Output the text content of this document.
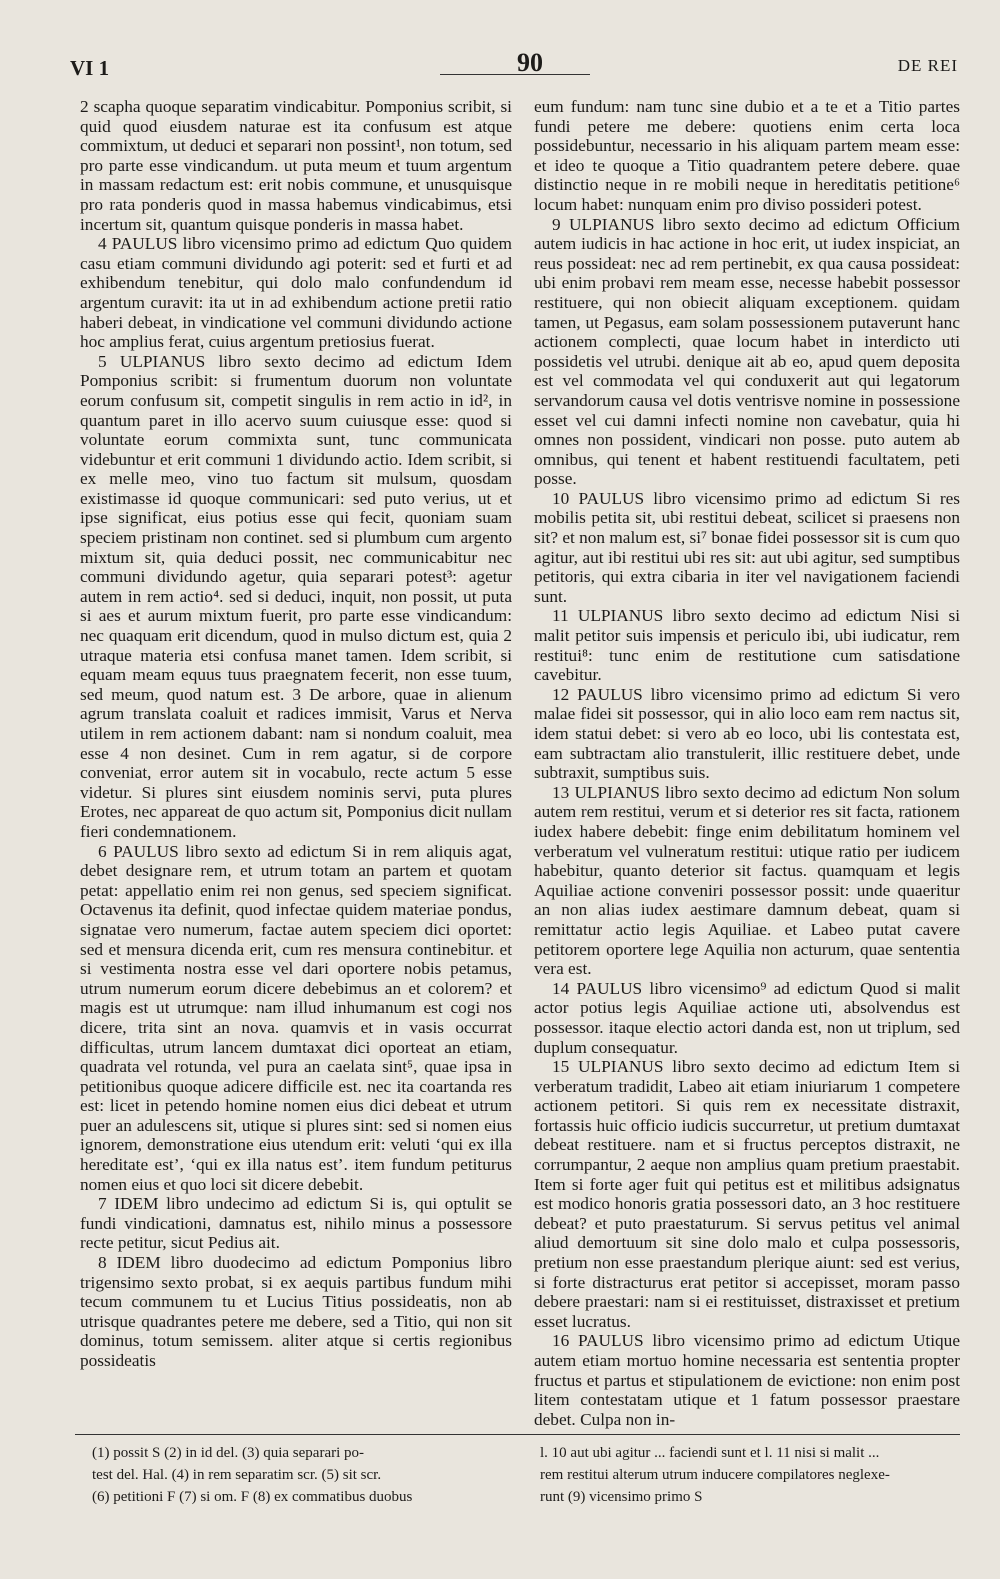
VI 1	90	DE REI

2 scapha quoque separatim vindicabitur. Pomponius scribit, si quid quod eiusdem naturae est ita confusum est atque commixtum, ut deduci et separari non possint¹, non totum, sed pro parte esse vindicandum. ut puta meum et tuum argentum in massam redactum est: erit nobis commune, et unusquisque pro rata ponderis quod in massa habemus vindicabimus, etsi incertum sit, quantum quisque ponderis in massa habet.

4 PAULUS libro vicensimo primo ad edictum Quo quidem casu etiam communi dividundo agi poterit: sed et furti et ad exhibendum tenebitur, qui dolo malo confundendum id argentum curavit: ita ut in ad exhibendum actione pretii ratio haberi debeat, in vindicatione vel communi dividundo actione hoc amplius ferat, cuius argentum pretiosius fuerat.

5 ULPIANUS libro sexto decimo ad edictum Idem Pomponius scribit: si frumentum duorum non voluntate eorum confusum sit, competit singulis in rem actio in id², in quantum paret in illo acervo suum cuiusque esse: quod si voluntate eorum commixta sunt, tunc communicata videbuntur et erit communi 1 dividundo actio. Idem scribit, si ex melle meo, vino tuo factum sit mulsum, quosdam existimasse id quoque communicari: sed puto verius, ut et ipse significat, eius potius esse qui fecit, quoniam suam speciem pristinam non continet. sed si plumbum cum argento mixtum sit, quia deduci possit, nec communicabitur nec communi dividundo agetur, quia separari potest³: agetur autem in rem actio⁴. sed si deduci, inquit, non possit, ut puta si aes et aurum mixtum fuerit, pro parte esse vindicandum: nec quaquam erit dicendum, quod in mulso dictum est, quia 2 utraque materia etsi confusa manet tamen. Idem scribit, si equam meam equus tuus praegnatem fecerit, non esse tuum, sed meum, quod natum est. 3 De arbore, quae in alienum agrum translata coaluit et radices immisit, Varus et Nerva utilem in rem actionem dabant: nam si nondum coaluit, mea esse 4 non desinet. Cum in rem agatur, si de corpore conveniat, error autem sit in vocabulo, recte actum 5 esse videtur. Si plures sint eiusdem nominis servi, puta plures Erotes, nec appareat de quo actum sit, Pomponius dicit nullam fieri condemnationem.

6 PAULUS libro sexto ad edictum Si in rem aliquis agat, debet designare rem, et utrum totam an partem et quotam petat: appellatio enim rei non genus, sed speciem significat. Octavenus ita definit, quod infectae quidem materiae pondus, signatae vero numerum, factae autem speciem dici oportet: sed et mensura dicenda erit, cum res mensura continebitur. et si vestimenta nostra esse vel dari oportere nobis petamus, utrum numerum eorum dicere debebimus an et colorem? et magis est ut utrumque: nam illud inhumanum est cogi nos dicere, trita sint an nova. quamvis et in vasis occurrat difficultas, utrum lancem dumtaxat dici oporteat an etiam, quadrata vel rotunda, vel pura an caelata sint⁵, quae ipsa in petitionibus quoque adicere difficile est. nec ita coartanda res est: licet in petendo homine nomen eius dici debeat et utrum puer an adulescens sit, utique si plures sint: sed si nomen eius ignorem, demonstratione eius utendum erit: veluti ‘qui ex illa hereditate est’, ‘qui ex illa natus est’. item fundum petiturus nomen eius et quo loci sit dicere debebit.

7 IDEM libro undecimo ad edictum Si is, qui optulit se fundi vindicationi, damnatus est, nihilo minus a possessore recte petitur, sicut Pedius ait.

8 IDEM libro duodecimo ad edictum Pomponius libro trigensimo sexto probat, si ex aequis partibus fundum mihi tecum communem tu et Lucius Titius possideatis, non ab utrisque quadrantes petere me debere, sed a Titio, qui non sit dominus, totum semissem. aliter atque si certis regionibus possideatis

eum fundum: nam tunc sine dubio et a te et a Titio partes fundi petere me debere: quotiens enim certa loca possidebuntur, necessario in his aliquam partem meam esse: et ideo te quoque a Titio quadrantem petere debere. quae distinctio neque in re mobili neque in hereditatis petitione⁶ locum habet: nunquam enim pro diviso possideri potest.

9 ULPIANUS libro sexto decimo ad edictum Officium autem iudicis in hac actione in hoc erit, ut iudex inspiciat, an reus possideat: nec ad rem pertinebit, ex qua causa possideat: ubi enim probavi rem meam esse, necesse habebit possessor restituere, qui non obiecit aliquam exceptionem. quidam tamen, ut Pegasus, eam solam possessionem putaverunt hanc actionem complecti, quae locum habet in interdicto uti possidetis vel utrubi. denique ait ab eo, apud quem deposita est vel commodata vel qui conduxerit aut qui legatorum servandorum causa vel dotis ventrisve nomine in possessione esset vel cui damni infecti nomine non cavebatur, quia hi omnes non possident, vindicari non posse. puto autem ab omnibus, qui tenent et habent restituendi facultatem, peti posse.

10 PAULUS libro vicensimo primo ad edictum Si res mobilis petita sit, ubi restitui debeat, scilicet si praesens non sit? et non malum est, si⁷ bonae fidei possessor sit is cum quo agitur, aut ibi restitui ubi res sit: aut ubi agitur, sed sumptibus petitoris, qui extra cibaria in iter vel navigationem faciendi sunt.

11 ULPIANUS libro sexto decimo ad edictum Nisi si malit petitor suis impensis et periculo ibi, ubi iudicatur, rem restitui⁸: tunc enim de restitutione cum satisdatione cavebitur.

12 PAULUS libro vicensimo primo ad edictum Si vero malae fidei sit possessor, qui in alio loco eam rem nactus sit, idem statui debet: si vero ab eo loco, ubi lis contestata est, eam subtractam alio transtulerit, illic restituere debet, unde subtraxit, sumptibus suis.

13 ULPIANUS libro sexto decimo ad edictum Non solum autem rem restitui, verum et si deterior res sit facta, rationem iudex habere debebit: finge enim debilitatum hominem vel verberatum vel vulneratum restitui: utique ratio per iudicem habebitur, quanto deterior sit factus. quamquam et legis Aquiliae actione conveniri possessor possit: unde quaeritur an non alias iudex aestimare damnum debeat, quam si remittatur actio legis Aquiliae. et Labeo putat cavere petitorem oportere lege Aquilia non acturum, quae sententia vera est.

14 PAULUS libro vicensimo⁹ ad edictum Quod si malit actor potius legis Aquiliae actione uti, absolvendus est possessor. itaque electio actori danda est, non ut triplum, sed duplum consequatur.

15 ULPIANUS libro sexto decimo ad edictum Item si verberatum tradidit, Labeo ait etiam iniuriarum 1 competere actionem petitori. Si quis rem ex necessitate distraxit, fortassis huic officio iudicis succurretur, ut pretium dumtaxat debeat restituere. nam et si fructus perceptos distraxit, ne corrumpantur, 2 aeque non amplius quam pretium praestabit. Item si forte ager fuit qui petitus est et militibus adsignatus est modico honoris gratia possessori dato, an 3 hoc restituere debeat? et puto praestaturum. Si servus petitus vel animal aliud demortuum sit sine dolo malo et culpa possessoris, pretium non esse praestandum plerique aiunt: sed est verius, si forte distracturus erat petitor si accepisset, moram passo debere praestari: nam si ei restituisset, distraxisset et pretium esset lucratus.

16 PAULUS libro vicensimo primo ad edictum Utique autem etiam mortuo homine necessaria est sententia propter fructus et partus et stipulationem de evictione: non enim post litem contestatam utique et 1 fatum possessor praestare debet. Culpa non in-

(1) possit S (2) in id del. (3) quia separari po-
test del. Hal. (4) in rem separatim scr. (5) sit scr.
(6) petitioni F (7) si om. F (8) ex commatibus duobus
l. 10 aut ubi agitur ... faciendi sunt et l. 11 nisi si malit ...
rem restitui alterum utrum inducere compilatores neglexe-
runt (9) vicensimo primo S
